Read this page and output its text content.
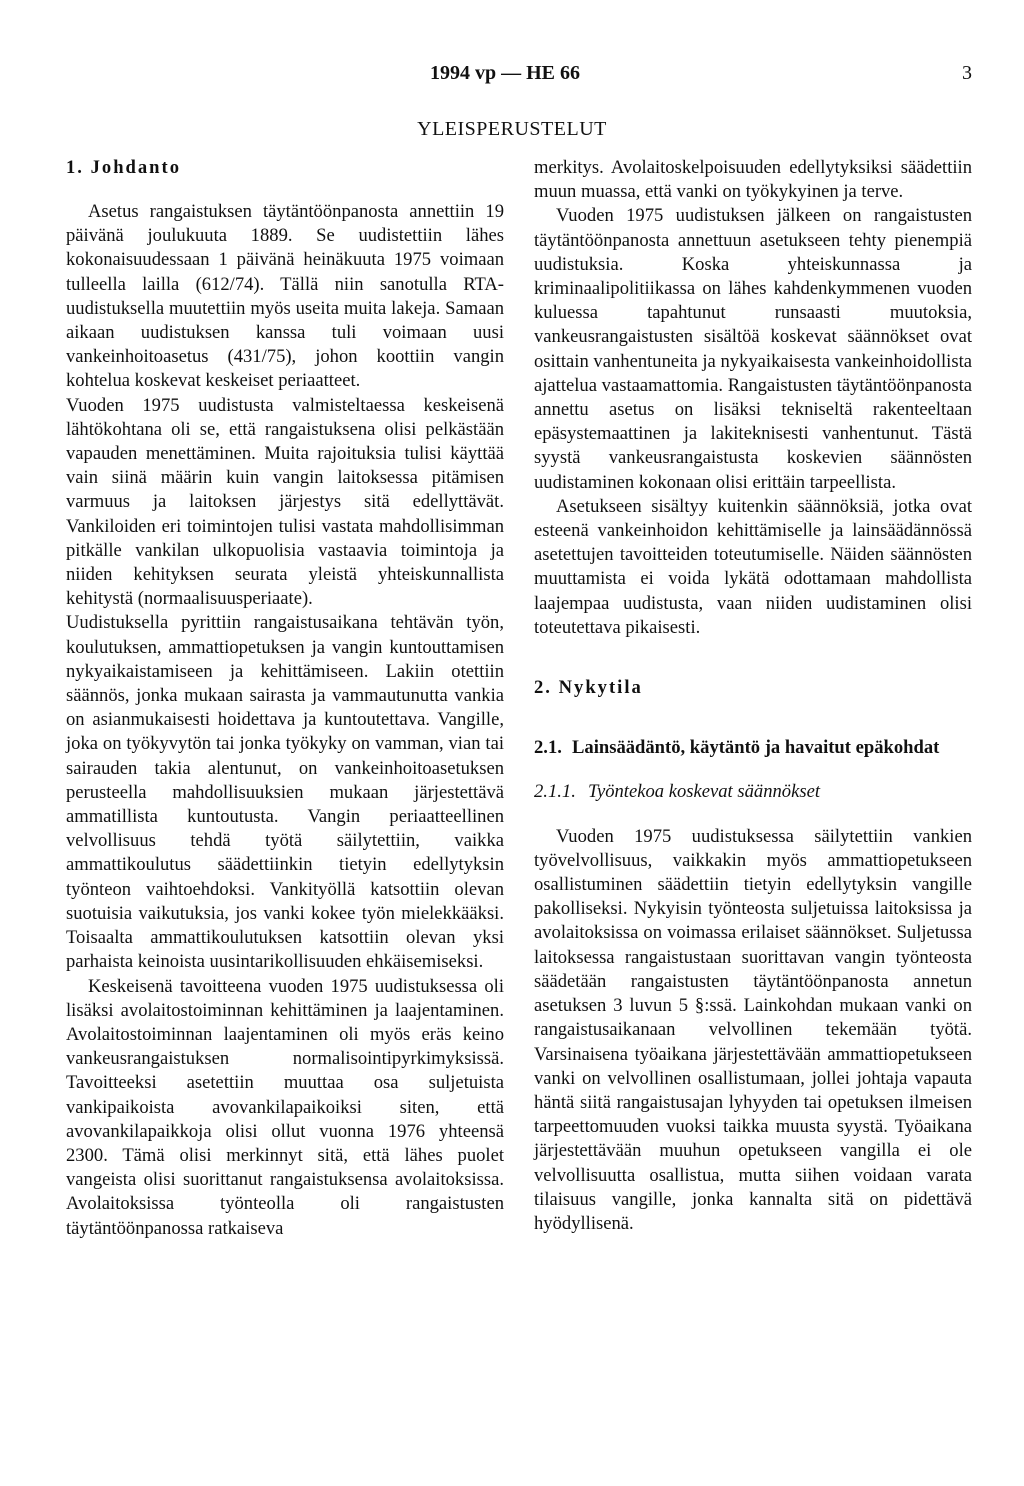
1994 vp — HE 66	3
YLEISPERUSTELUT

1. Johdanto

Asetus rangaistuksen täytäntöönpanosta annettiin 19 päivänä joulukuuta 1889. Se uudistettiin lähes kokonaisuudessaan 1 päivänä heinäkuuta 1975 voimaan tulleella lailla (612/74). Tällä niin sanotulla RTA-uudistuksella muutettiin myös useita muita lakeja. Samaan aikaan uudistuksen kanssa tuli voimaan uusi vankeinhoitoasetus (431/75), johon koottiin vangin kohtelua koskevat keskeiset periaatteet.

Vuoden 1975 uudistusta valmisteltaessa keskeisenä lähtökohtana oli se, että rangaistuksena olisi pelkästään vapauden menettäminen. Muita rajoituksia tulisi käyttää vain siinä määrin kuin vangin laitoksessa pitämisen varmuus ja laitoksen järjestys sitä edellyttävät. Vankiloiden eri toimintojen tulisi vastata mahdollisimman pitkälle vankilan ulkopuolisia vastaavia toimintoja ja niiden kehityksen seurata yleistä yhteiskunnallista kehitystä (normaalisuusperiaate).

Uudistuksella pyrittiin rangaistusaikana tehtävän työn, koulutuksen, ammattiopetuksen ja vangin kuntouttamisen nykyaikaistamiseen ja kehittämiseen. Lakiin otettiin säännös, jonka mukaan sairasta ja vammautunutta vankia on asianmukaisesti hoidettava ja kuntoutettava. Vangille, joka on työkyvytön tai jonka työkyky on vamman, vian tai sairauden takia alentunut, on vankeinhoitoasetuksen perusteella mahdollisuuksien mukaan järjestettävä ammatillista kuntoutusta. Vangin periaatteellinen velvollisuus tehdä työtä säilytettiin, vaikka ammattikoulutus säädettiinkin tietyin edellytyksin työnteon vaihtoehdoksi. Vankityöllä katsottiin olevan suotuisia vaikutuksia, jos vanki kokee työn mielekkääksi. Toisaalta ammattikoulutuksen katsottiin olevan yksi parhaista keinoista uusintarikollisuuden ehkäisemiseksi.

Keskeisenä tavoitteena vuoden 1975 uudistuksessa oli lisäksi avolaitostoiminnan kehittäminen ja laajentaminen. Avolaitostoiminnan laajentaminen oli myös eräs keino vankeusrangaistuksen normalisointipyrkimyksissä. Tavoitteeksi asetettiin muuttaa osa suljetuista vankipaikoista avovankilapaikoiksi siten, että avovankilapaikkoja olisi ollut vuonna 1976 yhteensä 2300. Tämä olisi merkinnyt sitä, että lähes puolet vangeista olisi suorittanut rangaistuksensa avolaitoksissa. Avolaitoksissa työnteolla oli rangaistusten täytäntöönpanossa ratkaiseva

merkitys. Avolaitoskelpoisuuden edellytyksiksi säädettiin muun muassa, että vanki on työkykyinen ja terve.

Vuoden 1975 uudistuksen jälkeen on rangaistusten täytäntöönpanosta annettuun asetukseen tehty pienempiä uudistuksia. Koska yhteiskunnassa ja kriminaalipolitiikassa on lähes kahdenkymmenen vuoden kuluessa tapahtunut runsaasti muutoksia, vankeusrangaistusten sisältöä koskevat säännökset ovat osittain vanhentuneita ja nykyaikaisesta vankeinhoidollista ajattelua vastaamattomia. Rangaistusten täytäntöönpanosta annettu asetus on lisäksi tekniseltä rakenteeltaan epäsystemaattinen ja lakiteknisesti vanhentunut. Tästä syystä vankeusrangaistusta koskevien säännösten uudistaminen kokonaan olisi erittäin tarpeellista.

Asetukseen sisältyy kuitenkin säännöksiä, jotka ovat esteenä vankeinhoidon kehittämiselle ja lainsäädännössä asetettujen tavoitteiden toteutumiselle. Näiden säännösten muuttamista ei voida lykätä odottamaan mahdollista laajempaa uudistusta, vaan niiden uudistaminen olisi toteutettava pikaisesti.

2. Nykytila

2.1. Lainsäädäntö, käytäntö ja havaitut epäkohdat
2.1.1. Työntekoa koskevat säännökset

Vuoden 1975 uudistuksessa säilytettiin vankien työvelvollisuus, vaikkakin myös ammattiopetukseen osallistuminen säädettiin tietyin edellytyksin vangille pakolliseksi. Nykyisin työnteosta suljetuissa laitoksissa ja avolaitoksissa on voimassa erilaiset säännökset. Suljetussa laitoksessa rangaistustaan suorittavan vangin työnteosta säädetään rangaistusten täytäntöönpanosta annetun asetuksen 3 luvun 5 §:ssä. Lainkohdan mukaan vanki on rangaistusaikanaan velvollinen tekemään työtä. Varsinaisena työaikana järjestettävään ammattiopetukseen vanki on velvollinen osallistumaan, jollei johtaja vapauta häntä siitä rangaistusajan lyhyyden tai opetuksen ilmeisen tarpeettomuuden vuoksi taikka muusta syystä. Työaikana järjestettävään muuhun opetukseen vangilla ei ole velvollisuutta osallistua, mutta siihen voidaan varata tilaisuus vangille, jonka kannalta sitä on pidettävä hyödyllisenä.
